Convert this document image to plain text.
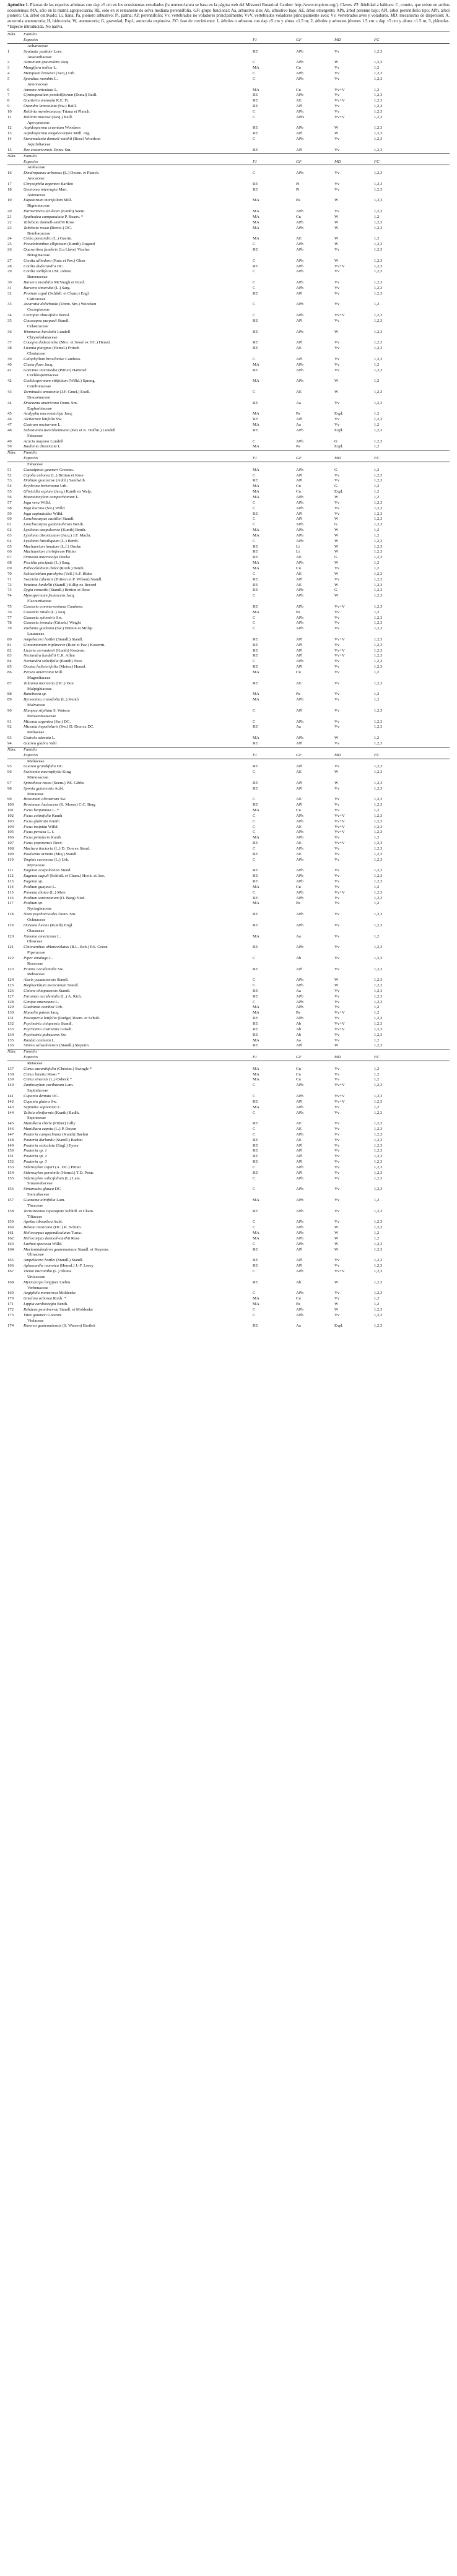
Apéndice 1. Plantas de las especies arbóreas con dap ≥5 cm en los ecosistemas estudiados (la nomenclatura se basa en la página web del Missouri Botanical Garden: http://www.tropicos.org/). Claves. FI: fidelidad a hábitats: C, común, que existe en ambos ecosistemas; MA, sólo en la matriz agropecuaria; RE, sólo en el remanente de selva mediana perennifolia. GF: grupo funcional: Aa, arbustivo alto; Ab, arbustivo bajo; AE, árbol emergente; APb, árbol perenne bajo; APl, árbol perennifolio tipo; APh, árbol pionero; Cu, árbol cultivado; Li, liana; Pa, pionero arbustivo; Pi, palma; AP, perennifolio; Vv, vertebrados no voladores principalmente; VvV, vertebrados voladores principalmente aves; Vv, vertebrados aves y voladores. MD: mecanismo de dispersión: A, autocoria anemocoria; H, hidrocoria; W, anemocoria; G, gravedad; Expl., autocoria explosiva. FC: fase de crecimiento: 1, árboles o arbustos con dap ≥5 cm y altura ≥1.5 m; 2, árboles y arbustos jóvenes 1.5 cm ≤ dap <5 cm y altura <1.5 m; 3, plántulas. *Especie introducida. No nativa.

Núm.	Familia				
	Especies	FI	GF	MD	FC
	Achariaceae				
1	Sautauia yuxitote Loes.	RE	APb	Vv	1,2,3
	Anacardiaceae				
2	Astronium graveolens Jacq.	C	APh	W	1,2,3
3	Mangifera indica L.	MA	Cu	Vv	1,2
4	Metopium brownei (Jacq.) Urb.	C	APh	Vv	1,2,3
5	Spondias mombin L.	C	APh	Vv	1,2,3
	Annonaceae				
6	Annona reticulata L.	MA	Cu	Vv+V	1,2
7	Cymbopetalum penduliflorum (Dunal) Baill.	RE	APb	Vv	1,2,3
8	Guatteria anomala R.E. Fr.	RE	AE	Vv+V	1,2,3
9	Oxandra lanceolata (Sw.) Baill.	RE	APl	Vv	1,2,3
10	Rollinia membranacea Triana et Planch.	C	APh	Vv	1,2,3
11	Rollinia mucosa (Jacq.) Baill.	C	APB	Vv+V	1,2,3
	Apocynaceae				
12	Aspidosperma cruentum Woodson	RE	APb	W	1,2,3
13	Aspidosperma megalocarpon Müll. Arg.	RE	APl	W	1,2,3
14	Stemmadenia donnell-smithii (Rose) Woodson	C	APh	Vv	1,2,3
	Aquifoliaceae				
15	Ilex costaricensis Donn. Sm.	RE	APl	Vv	1,2,3
Núm.	Familia				
	Especies	FI	GF	MD	FC
	Araliaceae				
16	Dendropanax arboreus (L.) Decne. et Planch.	C	APh	Vv	1,2,3
	Arecaceae				
17	Chrysophila argentea Bartlett	RE	Pi	Vv	1,2,3
18	Geonoma interrupta Mart.	RE	Pi	Vv	1,2,3
	Asteraceae				
19	Eupatorium morifolium Mill.	MA	Pa	W	1,2,3
	Bignoniaceae				
20	Parmentiera aculeata (Kunth) Seem.	MA	APh	Vv	1,2,3
21	Spathodea campanulata P. Beauv. *	MA	Cu	W	1,2
22	Tabebuia donnell-smithii Rose	MA	APh	W	1,2,3
23	Tabebuia rosea (Bertol.) DC.	MA	APh	W	1,2,3
	Bombacaceae				
24	Ceiba pentandra (L.) Gaertn.	MA	AE	W	1,2
25	Pseudobombax ellipticum (Kunth) Dugand	C	APh	W	1,2,3
26	Quararibea funebris (La Llave) Vischer	RE	APb	Vv	1,2,3
	Boraginaceae				
27	Cordia alliodora (Ruiz et Pav.) Oken	C	APh	W	1,2,3
28	Cordia dodecandra DC.	RE	APb	Vv+V	1,2,3
29	Cordia stellifera I.M. Johnst.	C	APh	Vv	1,2,3
	Burseraceae				
30	Bursera instabilis McVaugh et Rzed.	C	APh	Vv	1,2,3
31	Bursera simaruba (L.) Sarg.	C	APh	Vv	1,2,3
32	Protium copal (Schltdl. et Cham.) Engl.	RE	APl	Vv	1,2,3
	Caricaceae				
33	Jacaratia dolichaula (Donn. Sm.) Woodson	C	APh	Vv	1,2
	Cecropiaceae				
34	Cecropia obtusifolia Bertol.	C	APh	Vv+V	1,2,3
35	Coussapoa purpusii Standl.	RE	APl	Vv	1,2,3
	Celastraceae				
36	Wimmeria bartlettii Lundell	RE	APb	W	1,2,3
	Chrysobalanaceae				
37	Couepia dodecandra (Moc. et Sessé ex DC.) Hemsl.	RE	APl	Vv	1,2,3
38	Licania platypus (Hemsl.) Fritsch	RE	AE	Vv	1,2,3
	Clusiaceae				
39	Calophyllum brasiliense Cambess.	C	APl	Vv	1,2,3
40	Clusia flava Jacq.	MA	APb	Vv	1,2
41	Garcinia intermedia (Pittier) Hammel	RE	APb	Vv	1,2,3
	Cochlospermaceae				
42	Cochlospermum vitifolium (Willd.) Spreng.	MA	APh	W	1,2
	Combretaceae				
43	Terminalia amazonia (J.F. Gmel.) Exell.	C	AE	W	1,2,3
	Dracaenaceae				
44	Dracaena americana Donn. Sm.	RE	Aa	Vv	1,2,3
	Euphorbiaceae				
45	Acalypha macrostachya Jacq.	MA	Pa	Expl.	1,2
46	Alchornea latifolia Sw.	RE	APl	Vv	1,2,3
47	Castrum nocturnum L.	MA	Aa	Vv	1,2
48	Sebastiania tuerckheimiana (Pax et K. Hoffm.) Lundell	RE	APb	Expl.	1,2,3
	Fabaceae				
49	Acacia mayana Lundell	C	APh	G	1,2,3
50	Bauhinia divaricata L.	MA	Pa	Expl.	1,2
Núm.	Familia				
	Especies	FI	GF	MD	FC
	Fabaceae				
51	Caesalpinia gaumeri Greenm.	MA	APh	G	1,2
52	Cojoba arborea (L.) Britton et Rose	C	APl	Vv	1,2,3
53	Dialium guianense (Aubl.) Sandwith	RE	APl	Vv	1,2,3
54	Erythrina berteroana Urb.	MA	Cu	G	1,2
55	Gliricidia sepium (Jacq.) Kunth ex Walp.	MA	Cu	Expl.	1,2
56	Haematoxylum campechianum L.	MA	APh	W	1,2
57	Inga vera Willd.	C	APh	Vv	1,2,3
58	Inga laurina (Sw.) Willd.	C	APh	Vv	1,2,3
59	Inga sapindoides Willd.	RE	APl	Vv	1,2,3
60	Lonchocarpus castilloi Standl.	C	APl	W	1,2,3
61	Lonchocarpus guatemalensis Benth.	C	APh	G	1,2,3
62	Lysiloma acapulcense (Kunth) Benth.	MA	APh	W	1,2
63	Lysiloma divaricatum (Jacq.) J.F. Macbr.	MA	APh	W	1,2
64	Lysiloma latisiliquum (L.) Benth.	C	APh	W	1,2,3
65	Machaerium lunatum (L.f.) Ducke	RE	Li	W	1,2,3
66	Machaerium cirrhiferum Pittier	RE	Li	W	1,2,3
67	Ormosia macrocalyx Ducke	RE	AE	G	1,2,3
68	Piscidia piscipula (L.) Sarg.	MA	APh	W	1,2
69	Pithecellobium dulce (Roxb.) Benth.	MA	Cu	Vv	1,2
70	Schizolobium parahyba (Vell.) S.F. Blake	C	AE	W	1,2,3
71	Swartzia cubensis (Britton et P. Wilson) Standl.	RE	APl	Vv	1,2,3
72	Vatairea lundellii (Standl.) Killip ex Record	RE	AE	W	1,2,3
73	Zygia conzattii (Standl.) Britton et Rose	RE	APb	G	1,2,3
74	Myrospermum frutescens Jacq.	C	APh	W	1,2,3
	Flacourtiaceae				
75	Casearia commersoniana Cambess.	RE	APb	Vv+V	1,2,3
76	Casearia nitida (L.) Jacq.	MA	Pa	Vv	1,2
77	Casearia sylvestris Sw.	C	APh	Vv	1,2,3
78	Casearia tremula (Griseb.) Wright	C	APh	Vv	1,2,3
79	Zuelania guidonia (Sw.) Britton et Millsp.	C	APh	Vv	1,2,3
	Lauraceae				
80	Ampelocera hottlei (Standl.) Standl.	RE	APl	Vv+V	1,2,3
81	Cinnamomum triplinerve (Ruiz et Pav.) Kosterm.	RE	APl	Vv	1,2,3
82	Licaria cervantesii (Kunth) Kosterm.	RE	APl	Vv+V	1,2,3
83	Nectandra lundellii C.K. Allen	RE	APl	Vv+V	1,2,3
84	Nectandra salicifolia (Kunth) Nees	C	APh	Vv	1,2,3
85	Ocotea helicterifolia (Meisn.) Hemsl.	RE	APl	Vv	1,2,3
86	Persea americana Mill.	MA	Cu	Vv	1,2
	Magnoliaceae				
87	Talauma mexicana (DC.) Don	RE	AE	Vv	1,2,3
	Malpighiaceae				
88	Bunchosia sp.	MA	Pa	Vv	1,2
89	Byrsonima crassifolia (L.) Kunth	MA	APh	Vv	1,2
	Malvaceae				
90	Hampea stipitata S. Watson	C	APl	Vv	1,2,3
	Melastomataceae				
91	Miconia argentea (Sw.) DC.	C	APh	Vv	1,2,3
92	Miconia impetiolaris (Sw.) D. Don ex DC.	RE	Aa	Vv	1,2,3
	Meliaceae				
93	Cedrela odorata L.	MA	APh	W	1,2
94	Guarea glabra Vahl	RE	APl	Vv	1,2,3
Núm.	Familia				
	Especies	FI	GF	MD	FC
	Meliaceae				
95	Guarea grandifolia DC.	RE	APl	Vv	1,2,3
96	Swietenia macrophylla King	C	AE	W	1,2,3
	Mimosaceae				
97	Spirotheca rosea (Seem.) P.E. Gibbs	RE	APl	W	1,2,3
98	Sponia guianensis Aubl.	RE	APl	Vv	1,2,3
	Moraceae				
99	Brosimum alicastrum Sw.	C	AE	Vv	1,2,3
100	Brosimum lactescens (S. Moore) C.C. Berg	RE	APl	Vv	1,2,3
101	Ficus benjamina L. *	MA	Cu	Vv	1,2
102	Ficus cotinifolia Kunth	C	APh	Vv+V	1,2,3
103	Ficus glabrata Kunth	C	APh	Vv+V	1,2,3
104	Ficus insipida Willd.	C	AE	Vv+V	1,2,3
105	Ficus pertusa L. f.	C	APh	Vv+V	1,2,3
106	Ficus petiolaris Kunth	MA	APh	Vv	1,2
107	Ficus yoponensis Desv.	RE	AE	Vv+V	1,2,3
108	Maclura tinctoria (L.) D. Don ex Steud.	C	APh	Vv	1,2,3
109	Poulsenia armata (Miq.) Standl.	RE	AE	Vv	1,2,3
110	Trophis racemosa (L.) Urb.	C	APh	Vv	1,2,3
	Myrtaceae				
111	Eugenia acapulcensis Steud.	RE	APb	Vv	1,2,3
112	Eugenia capuli (Schltdl. et Cham.) Hook. et Arn.	RE	APb	Vv	1,2,3
113	Eugenia sp.	RE	APb	Vv	1,2,3
114	Psidium guajava L.	MA	Cu	Vv	1,2
115	Pimenta dioica (L.) Merr.	C	APh	Vv+V	1,2,3
116	Psidium sartorianum (O. Berg) Nied.	RE	APb	Vv	1,2,3
117	Psidium sp.	MA	Pa	Vv	1,2
	Nyctaginaceae				
118	Neea psychotrioides Donn. Sm.	RE	APb	Vv	1,2,3
	Ochnaceae				
119	Ouratea lucens (Kunth) Engl.	RE	APb	Vv	1,2,3
	Olacaceae				
120	Ximenia americana L.	MA	Aa	Vv	1,2
	Oleaceae				
121	Chionanthus oblanceolatus (B.L. Rob.) P.S. Green	RE	APb	Vv	1,2,3
	Piperaceae				
122	Piper amalago L.	C	Ab	Vv	1,2,3
	Rosaceae				
123	Prunus occidentalis Sw.	RE	APl	Vv	1,2,3
	Rubiaceae				
124	Alseis yucatanensis Standl.	C	APh	W	1,2,3
125	Blepharidium mexicanum Standl.	C	APh	W	1,2,3
126	Chione chiapasensis Standl.	RE	Aa	Vv	1,2,3
127	Faramea occidentalis (L.) A. Rich.	RE	APb	Vv	1,2,3
128	Genipa americana L.	C	APh	Vv	1,2,3
129	Guettarda combsii Urb.	MA	APh	Vv	1,2
130	Hamelia patens Jacq.	MA	Pa	Vv+V	1,2
131	Posoqueria latifolia (Rudge) Roem. et Schult.	RE	APb	Vv	1,2,3
132	Psychotria chiapensis Standl.	RE	Ab	Vv+V	1,2,3
133	Psychotria costivenia Griseb.	RE	Ab	Vv+V	1,2,3
134	Psychotria pubescens Sw.	RE	Ab	Vv	1,2,3
135	Randia aculeata L.	MA	Aa	Vv	1,2
136	Simira salvadorensis (Standl.) Steyerm.	RE	APl	W	1,2,3
Núm.	Familia				
	Especies	FI	GF	MD	FC
	Rutaceae				
137	Citrus aurantiifolia (Christm.) Swingle *	MA	Cu	Vv	1,2
138	Citrus limetta Risso *	MA	Cu	Vv	1,2
139	Citrus sinensis (L.) Osbeck *	MA	Cu	Vv	1,2
140	Zanthoxylum caribaeum Lam.	C	APh	Vv+V	1,2,3
	Sapindaceae				
141	Cupania dentata DC.	C	APh	Vv+V	1,2,3
142	Cupania glabra Sw.	RE	APl	Vv+V	1,2,3
143	Sapindus saponaria L.	MA	APh	Vv	1,2
144	Talisia oliviformis (Kunth) Radlk.	C	APh	Vv	1,2,3
	Sapotaceae				
145	Manilkara chicle (Pittier) Gilly	RE	AE	Vv	1,2,3
146	Manilkara zapota (L.) P. Royen	C	AE	Vv	1,2,3
147	Pouteria campechiana (Kunth) Baehni	C	APh	Vv	1,2,3
148	Pouteria durlandii (Standl.) Baehni	RE	AE	Vv	1,2,3
149	Pouteria reticulata (Engl.) Eyma	RE	APl	Vv	1,2,3
150	Pouteria sp. 1	RE	APl	Vv	1,2,3
151	Pouteria sp. 2	RE	APl	Vv	1,2,3
152	Pouteria sp. 3	RE	APl	Vv	1,2,3
153	Sideroxylon capiri (A. DC.) Pittier	C	APh	Vv	1,2,3
154	Sideroxylon persimile (Hemsl.) T.D. Penn.	RE	APl	Vv	1,2,3
155	Sideroxylon salicifolium (L.) Lam.	C	APh	Vv	1,2,3
	Simaroubaceae				
156	Simarouba glauca DC.	C	APh	Vv	1,2,3
	Sterculiaceae				
157	Guazuma ulmifolia Lam.	MA	APh	Vv	1,2
	Theaceae				
158	Ternstroemia tepezapote Schltdl. et Cham.	RE	APb	Vv	1,2,3
	Tiliaceae				
159	Apeiba tibourbou Aubl.	C	APh	Vv	1,2,3
160	Belotia mexicana (DC.) K. Schum.	C	APh	W	1,2,3
161	Heliocarpus appendiculatus Turcz.	MA	APh	W	1,2
162	Heliocarpus donnell-smithii Rose	MA	APh	W	1,2
163	Luehea speciosa Willd.	C	APh	W	1,2,3
164	Mortoniodendron guatemalense Standl. et Steyerm.	RE	APl	W	1,2,3
	Ulmaceae				
165	Ampelocera hottlei (Standl.) Standl.	RE	APl	Vv	1,2,3
166	Aphananthe monoica (Hemsl.) J.-F. Leroy	RE	APl	Vv	1,2,3
167	Trema micrantha (L.) Blume	C	APh	Vv+V	1,2,3
	Urticaceae				
168	Myriocarpa longipes Liebm.	RE	Ab	W	1,2,3
	Verbenaceae				
169	Aegiphila monstrosa Moldenke	C	APh	Vv	1,2,3
170	Gmelina arborea Roxb. *	MA	Cu	Vv	1,2
171	Lippia cardiostegia Benth.	MA	Pa	W	1,2
172	Rehdera penninervia Standl. et Moldenke	C	APh	W	1,2,3
173	Vitex gaumeri Greenm.	C	APh	Vv	1,2,3
	Violaceae				
174	Rinorea guatemalensis (S. Watson) Bartlett	RE	Aa	Expl.	1,2,3
